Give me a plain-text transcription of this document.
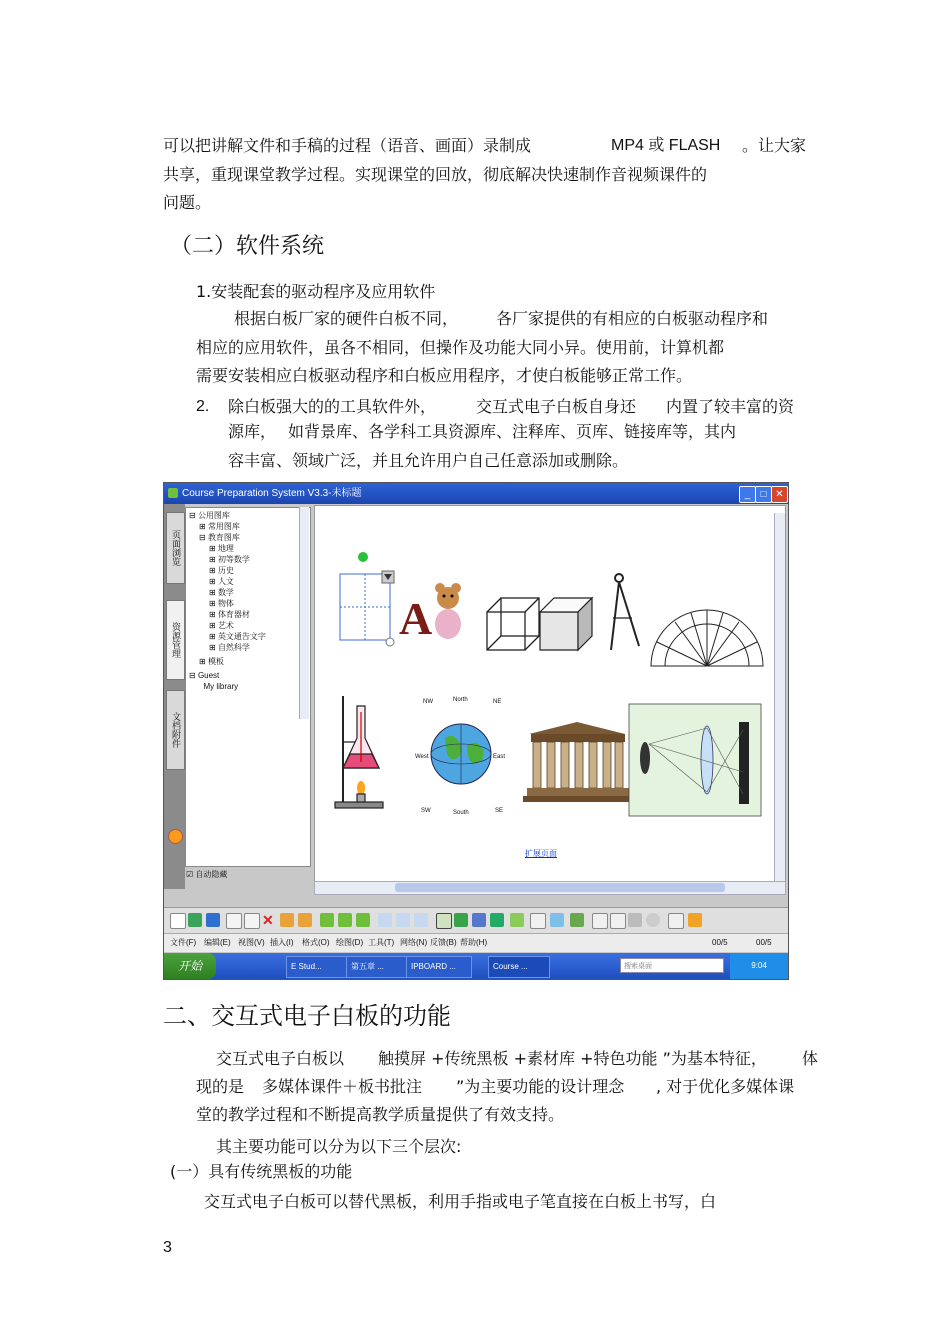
可以把讲解文件和手稿的过程（语音、画面）录制成	MP4 或 FLASH 。让大家
共享，重现课堂教学过程。实现课堂的回放，彻底解决快速制作音视频课件的
问题。
（二）软件系统
1.安装配套的驱动程序及应用软件
根据白板厂家的硬件白板不同， 各厂家提供的有相应的白板驱动程序和
相应的应用软件，虽各不相同，但操作及功能大同小异。使用前，计算机都
需要安装相应白板驱动程序和白板应用程序，才使白板能够正常工作。
2. 除白板强大的的工具软件外， 交互式电子白板自身还 内置了较丰富的资
源库， 如背景库、各学科工具资源库、注释库、页库、链接库等，其内
容丰富、领域广泛，并且允许用户自己任意添加或删除。
Course Preparation System V3.3-未标题	_	□ ✕
页面浏览
资源管理
文档附件
⊟ 公用图库
⊞ 常用图库
⊟ 教育图库
⊞ 地理
⊞ 初等数学
⊞ 历史
⊞ 人文
⊞ 数学
⊞ 物体
⊞ 体育器材
⊞ 艺术
⊞ 英文通告文字
⊞ 自然科学
⊞ 模板
⊟ Guest
My library
☑ 自动隐藏
A
NW	North	NE
West	East
SW	South	SE
扩展页面
✕
文件(F) 编辑(E) 视图(V) 插入(I) 格式(O) 绘图(D) 工具(T) 网络(N) 反馈(B) 帮助(H)	00/5	00/5
开始	E Stud...	第五章 ...	IPBOARD ...	Course ...	搜索桌面	9:04
二、交互式电子白板的功能
交互式电子白板以 触摸屏 +传统黑板 +素材库 +特色功能 ”为基本特征， 体
现的是 多媒体课件＋板书批注 ”为主要功能的设计理念 , 对于优化多媒体课
堂的教学过程和不断提高教学质量提供了有效支持。
其主要功能可以分为以下三个层次:
(一）具有传统黑板的功能
交互式电子白板可以替代黑板，利用手指或电子笔直接在白板上书写，白
3
